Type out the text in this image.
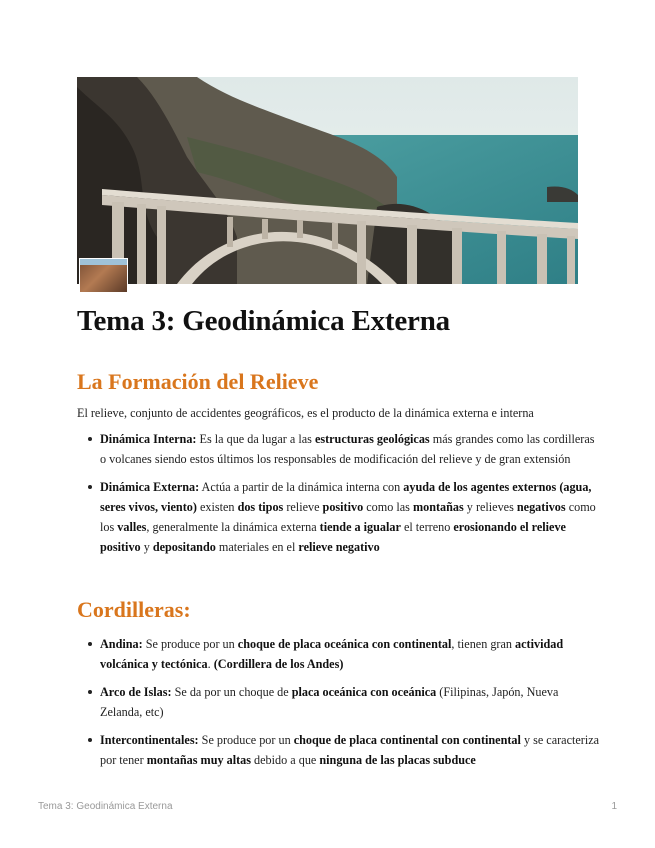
Tema 3: Geodinámica Externa
La Formación del Relieve

El relieve, conjunto de accidentes geográficos, es el producto de la dinámica externa e interna

Dinámica Interna: Es la que da lugar a las estructuras geológicas más grandes como las cordilleras o volcanes siendo estos últimos los responsables de modificación del relieve y de gran extensión
Dinámica Externa: Actúa a partir de la dinámica interna con ayuda de los agentes externos (agua, seres vivos, viento) existen dos tipos relieve positivo como las montañas y relieves negativos como los valles, generalmente la dinámica externa tiende a igualar el terreno erosionando el relieve positivo y depositando materiales en el relieve negativo
Cordilleras:
Andina: Se produce por un choque de placa oceánica con continental, tienen gran actividad volcánica y tectónica. (Cordillera de los Andes)
Arco de Islas: Se da por un choque de placa oceánica con oceánica (Filipinas, Japón, Nueva Zelanda, etc)
Intercontinentales: Se produce por un choque de placa continental con continental y se caracteriza por tener montañas muy altas debido a que ninguna de las placas subduce
Tema 3: Geodinámica Externa	1
